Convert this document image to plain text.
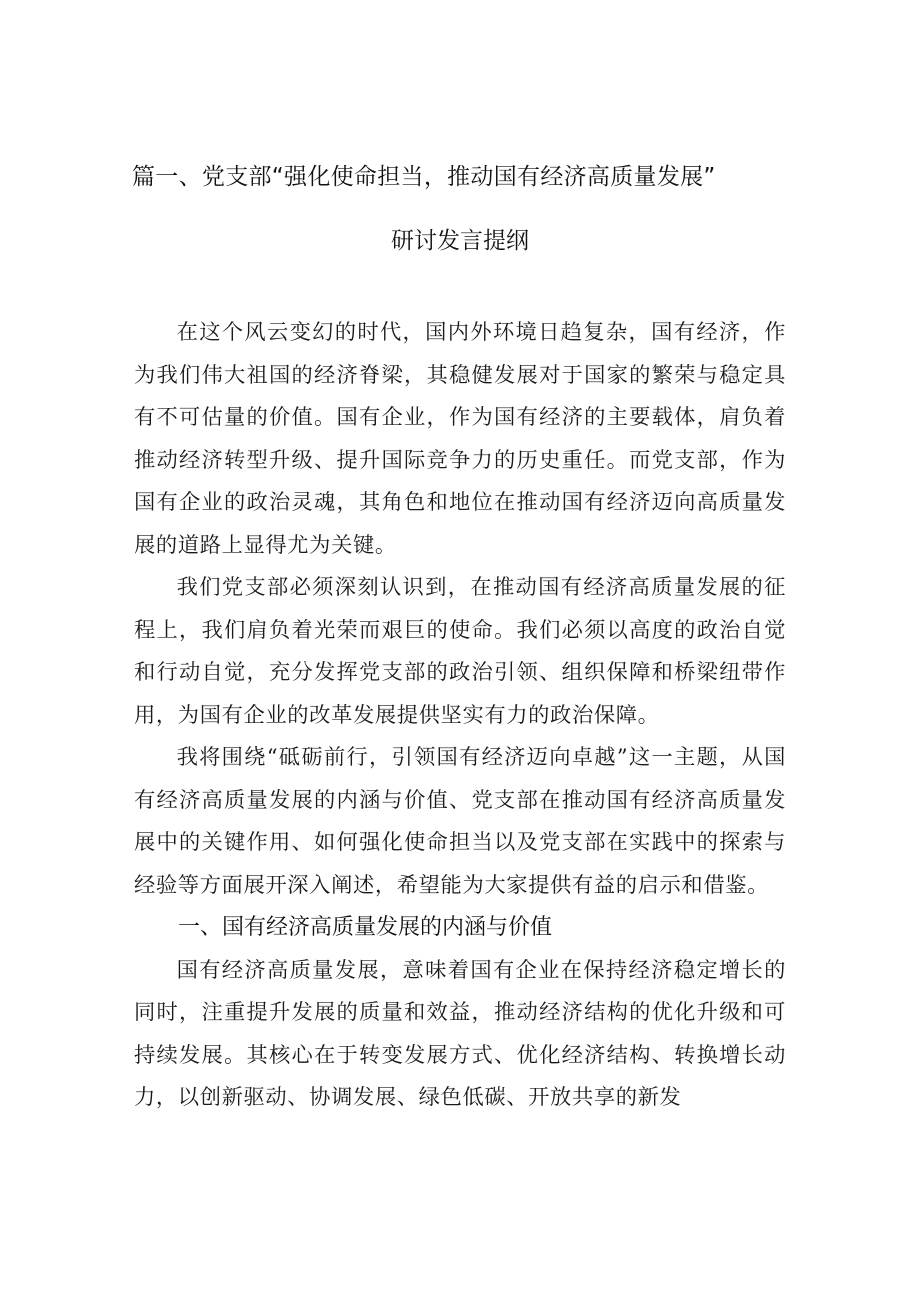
篇一、党支部“强化使命担当，推动国有经济高质量发展”
研讨发言提纲

在这个风云变幻的时代，国内外环境日趋复杂，国有经济，作为我们伟大祖国的经济脊梁，其稳健发展对于国家的繁荣与稳定具有不可估量的价值。国有企业，作为国有经济的主要载体，肩负着推动经济转型升级、提升国际竞争力的历史重任。而党支部，作为国有企业的政治灵魂，其角色和地位在推动国有经济迈向高质量发展的道路上显得尤为关键。

我们党支部必须深刻认识到，在推动国有经济高质量发展的征程上，我们肩负着光荣而艰巨的使命。我们必须以高度的政治自觉和行动自觉，充分发挥党支部的政治引领、组织保障和桥梁纽带作用，为国有企业的改革发展提供坚实有力的政治保障。

我将围绕“砥砺前行，引领国有经济迈向卓越”这一主题，从国有经济高质量发展的内涵与价值、党支部在推动国有经济高质量发展中的关键作用、如何强化使命担当以及党支部在实践中的探索与经验等方面展开深入阐述，希望能为大家提供有益的启示和借鉴。

一、国有经济高质量发展的内涵与价值

国有经济高质量发展，意味着国有企业在保持经济稳定增长的同时，注重提升发展的质量和效益，推动经济结构的优化升级和可持续发展。其核心在于转变发展方式、优化经济结构、转换增长动力，以创新驱动、协调发展、绿色低碳、开放共享的新发
